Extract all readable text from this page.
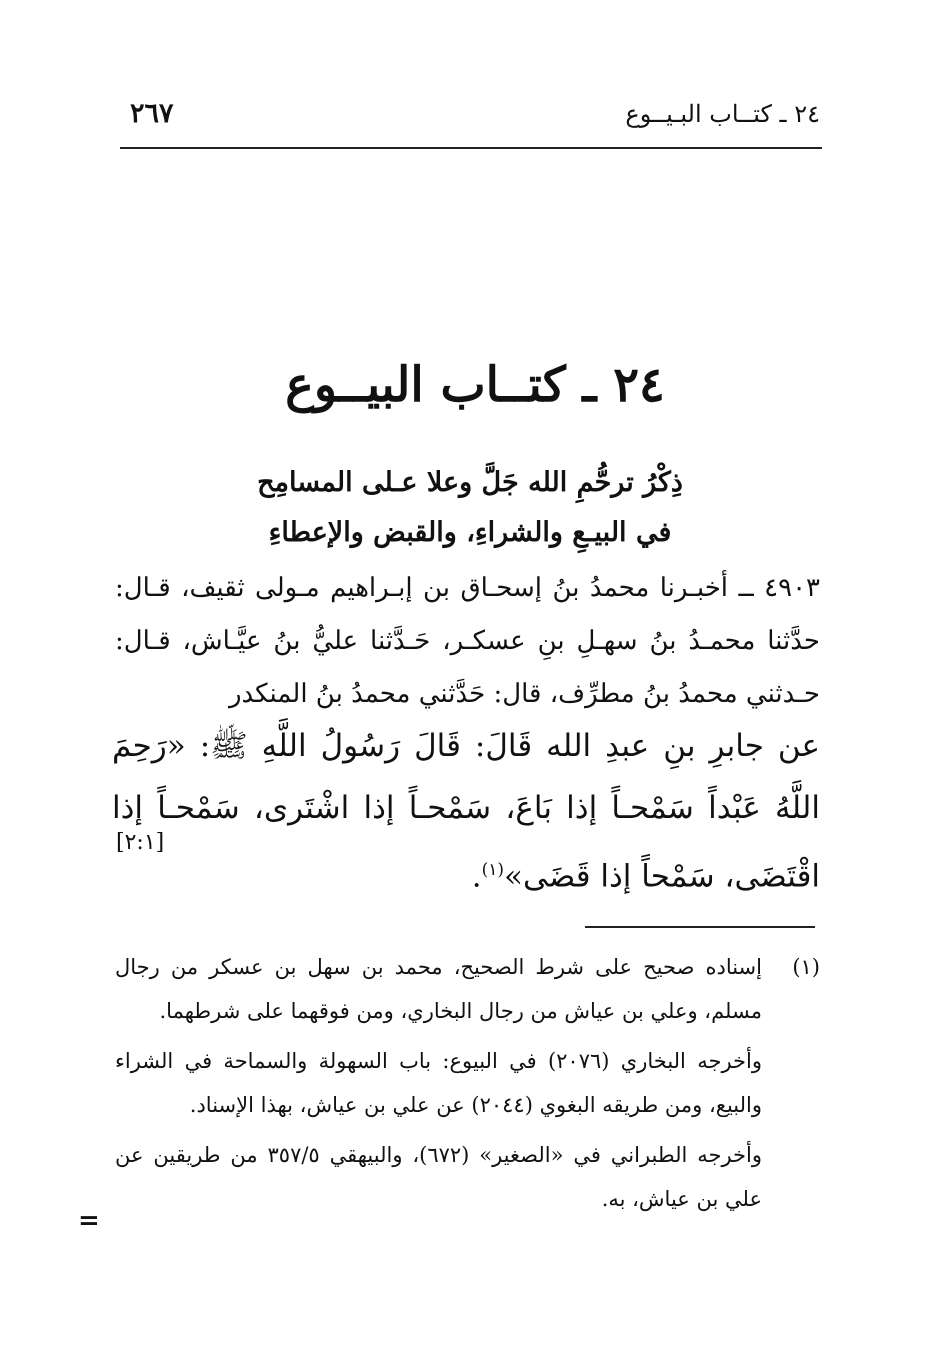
٢٤ ـ كتــاب البـيــوع
٢٦٧
٢٤ ـ كتــاب البيــوع
ذِكْرُ ترحُّمِ الله جَلَّ وعلا عـلى المسامِح
في البيـعِ والشراءِ، والقبض والإعطاءِ

٤٩٠٣ ــ أخبـرنا محمدُ بنُ إسحـاق بن إبـراهيم مـولى ثقيف، قـال: حدَّثنا محمـدُ بنُ سهـلِ بنِ عسكـر، حَـدَّثنا عليُّ بنُ عيَّـاش، قـال: حـدثني محمدُ بنُ مطرِّف، قال: حَدَّثني محمدُ بنُ المنكدر

عن جابرِ بنِ عبدِ الله قَالَ: قَالَ رَسُولُ اللَّهِ ﷺ: «رَحِمَ اللَّهُ عَبْداً سَمْحـاً إذا بَاعَ، سَمْحـاً إذا اشْتَرى، سَمْحـاً إذا اقْتَضَى، سَمْحاً إذا قَضَى»$^{(١)}$.

[٢:١]

(١)
إسناده صحيح على شرط الصحيح، محمد بن سهل بن عسكر من رجال مسلم، وعلي بن عياش من رجال البخاري، ومن فوقهما على شرطهما.

وأخرجه البخاري (٢٠٧٦) في البيوع: باب السهولة والسماحة في الشراء والبيع، ومن طريقه البغوي (٢٠٤٤) عن علي بن عياش، بهذا الإسناد.

وأخرجه الطبراني في «الصغير» (٦٧٢)، والبيهقي ٣٥٧/٥ من طريقين عن علي بن عياش، به.

=
